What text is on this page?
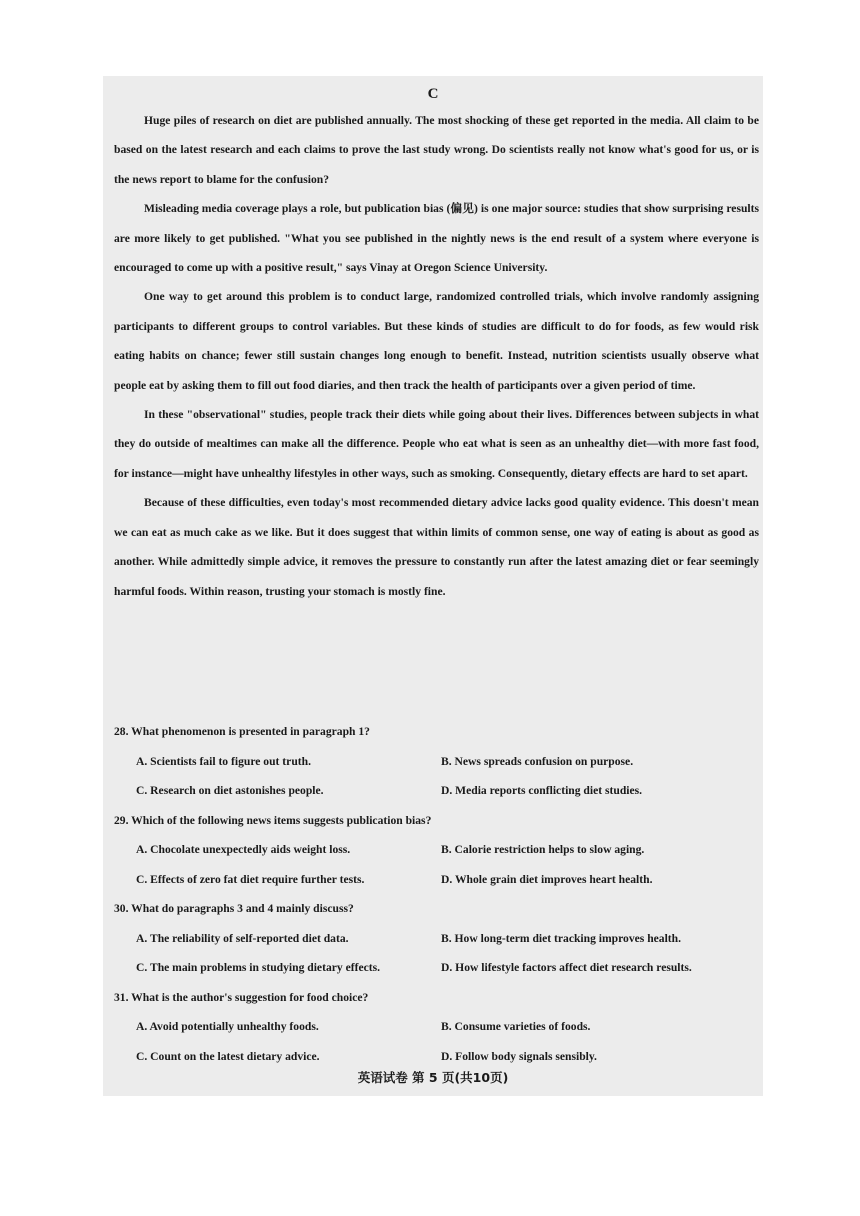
C

Huge piles of research on diet are published annually. The most shocking of these get reported in the media. All claim to be based on the latest research and each claims to prove the last study wrong. Do scientists really not know what's good for us, or is the news report to blame for the confusion?

Misleading media coverage plays a role, but publication bias (偏见) is one major source: studies that show surprising results are more likely to get published. "What you see published in the nightly news is the end result of a system where everyone is encouraged to come up with a positive result," says Vinay at Oregon Science University.

One way to get around this problem is to conduct large, randomized controlled trials, which involve randomly assigning participants to different groups to control variables. But these kinds of studies are difficult to do for foods, as few would risk eating habits on chance; fewer still sustain changes long enough to benefit. Instead, nutrition scientists usually observe what people eat by asking them to fill out food diaries, and then track the health of participants over a given period of time.

In these "observational" studies, people track their diets while going about their lives. Differences between subjects in what they do outside of mealtimes can make all the difference. People who eat what is seen as an unhealthy diet—with more fast food, for instance—might have unhealthy lifestyles in other ways, such as smoking. Consequently, dietary effects are hard to set apart.

Because of these difficulties, even today's most recommended dietary advice lacks good quality evidence. This doesn't mean we can eat as much cake as we like. But it does suggest that within limits of common sense, one way of eating is about as good as another. While admittedly simple advice, it removes the pressure to constantly run after the latest amazing diet or fear seemingly harmful foods. Within reason, trusting your stomach is mostly fine.

28. What phenomenon is presented in paragraph 1?
A. Scientists fail to figure out truth.	B. News spreads confusion on purpose.
C. Research on diet astonishes people.	D. Media reports conflicting diet studies.
29. Which of the following news items suggests publication bias?
A. Chocolate unexpectedly aids weight loss.	B. Calorie restriction helps to slow aging.
C. Effects of zero fat diet require further tests.	D. Whole grain diet improves heart health.
30. What do paragraphs 3 and 4 mainly discuss?
A. The reliability of self-reported diet data.	B. How long-term diet tracking improves health.
C. The main problems in studying dietary effects.	D. How lifestyle factors affect diet research results.
31. What is the author's suggestion for food choice?
A. Avoid potentially unhealthy foods.	B. Consume varieties of foods.
C. Count on the latest dietary advice.	D. Follow body signals sensibly.
英语试卷 第 5 页(共10页)
